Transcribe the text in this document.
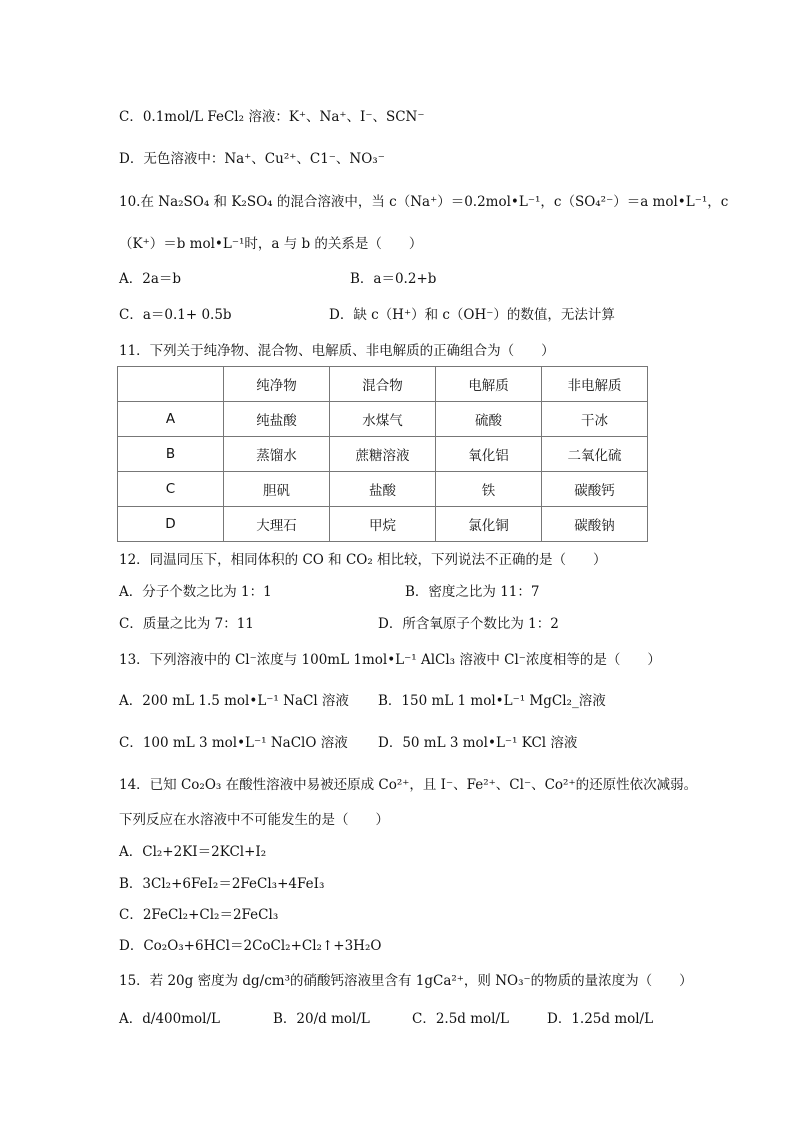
C．0.1mol/L FeCl₂ 溶液：K⁺、Na⁺、I⁻、SCN⁻
D．无色溶液中：Na⁺、Cu²⁺、C1⁻、NO₃⁻
10.在 Na₂SO₄ 和 K₂SO₄ 的混合溶液中，当 c（Na⁺）＝0.2mol•L⁻¹，c（SO₄²⁻）＝a mol•L⁻¹，c
（K⁺）＝b mol•L⁻¹时，a 与 b 的关系是（　　）
A．2a＝b	B．a＝0.2+b
C．a＝0.1+ 0.5b	D．缺 c（H⁺）和 c（OH⁻）的数值，无法计算
11．下列关于纯净物、混合物、电解质、非电解质的正确组合为（　　）
	纯净物	混合物	电解质	非电解质
A	纯盐酸	水煤气	硫酸	干冰
B	蒸馏水	蔗糖溶液	氧化铝	二氧化硫
C	胆矾	盐酸	铁	碳酸钙
D	大理石	甲烷	氯化铜	碳酸钠
12．同温同压下，相同体积的 CO 和 CO₂ 相比较，下列说法不正确的是（　　）
A．分子个数之比为 1：1	B．密度之比为 11：7
C．质量之比为 7：11	D．所含氧原子个数比为 1：2
13．下列溶液中的 Cl⁻浓度与 100mL 1mol•L⁻¹ AlCl₃ 溶液中 Cl⁻浓度相等的是（　　）
A．200 mL 1.5 mol•L⁻¹ NaCl 溶液 B．150 mL 1 mol•L⁻¹ MgCl₂_溶液
C．100 mL 3 mol•L⁻¹ NaClO 溶液 D．50 mL 3 mol•L⁻¹ KCl 溶液
14．已知 Co₂O₃ 在酸性溶液中易被还原成 Co²⁺，且 I⁻、Fe²⁺、Cl⁻、Co²⁺的还原性依次减弱。
下列反应在水溶液中不可能发生的是（　　）
A．Cl₂+2KI＝2KCl+I₂
B．3Cl₂+6FeI₂＝2FeCl₃+4FeI₃
C．2FeCl₂+Cl₂＝2FeCl₃
D．Co₂O₃+6HCl＝2CoCl₂+Cl₂↑+3H₂O
15．若 20g 密度为 dg/cm³的硝酸钙溶液里含有 1gCa²⁺，则 NO₃⁻的物质的量浓度为（　　）
A．d/400mol/L	B．20/d mol/L	C．2.5d mol/L	D．1.25d mol/L
